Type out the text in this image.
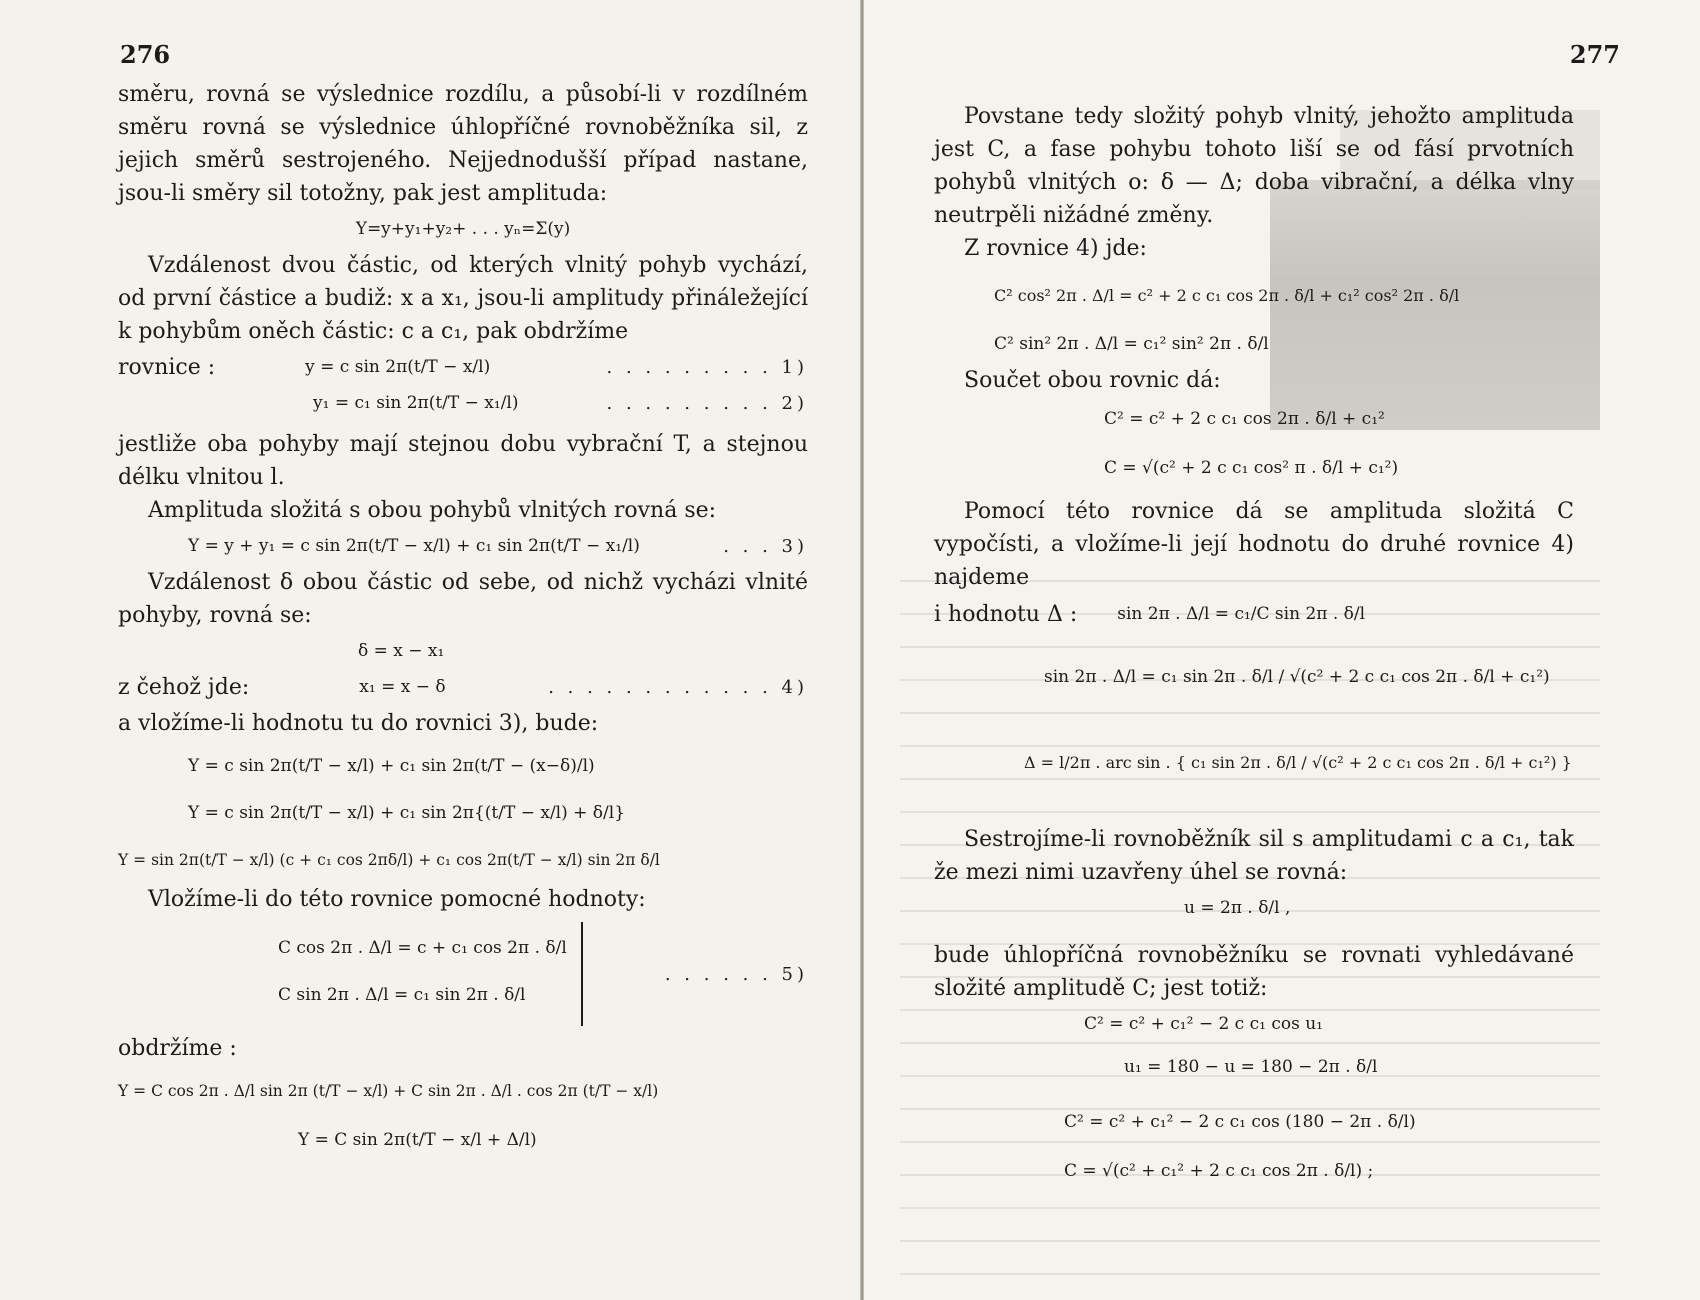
276

směru, rovná se výslednice rozdílu, a působí-li v rozdílném směru rovná se výslednice úhlopříčné rovnoběžníka sil, z jejich směrů sestrojeného. Nejjednodušší případ nastane, jsou-li směry sil totožny, pak jest amplituda:

Y=y+y₁+y₂+ . . . yₙ=Σ(y)

Vzdálenost dvou částic, od kterých vlnitý pohyb vychází, od první částice a budiž: x a x₁, jsou-li amplitudy přináležející k pohybům oněch částic: c a c₁, pak obdržíme

rovnice :	y = c sin 2π(t/T − x/l)	. . . . . . . . . 1)
y₁ = c₁ sin 2π(t/T − x₁/l)	. . . . . . . . . 2)

jestliže oba pohyby mají stejnou dobu vybrační T, a stejnou délku vlnitou l.

Amplituda složitá s obou pohybů vlnitých rovná se:

Y = y + y₁ = c sin 2π(t/T − x/l) + c₁ sin 2π(t/T − x₁/l)	. . . 3)

Vzdálenost δ obou částic od sebe, od nichž vycházi vlnité pohyby, rovná se:

δ = x − x₁
z čehož jde:	x₁ = x − δ	. . . . . . . . . . . . 4)

a vložíme-li hodnotu tu do rovnici 3), bude:

Y = c sin 2π(t/T − x/l) + c₁ sin 2π(t/T − (x−δ)/l)
Y = c sin 2π(t/T − x/l) + c₁ sin 2π{(t/T − x/l) + δ/l}
Y = sin 2π(t/T − x/l) (c + c₁ cos 2πδ/l) + c₁ cos 2π(t/T − x/l) sin 2π δ/l

Vložíme-li do této rovnice pomocné hodnoty:

C cos 2π . Δ/l = c + c₁ cos 2π . δ/l
C sin 2π . Δ/l = c₁ sin 2π . δ/l
. . . . . . 5)

obdržíme :

Y = C cos 2π . Δ/l sin 2π (t/T − x/l) + C sin 2π . Δ/l . cos 2π (t/T − x/l)
Y = C sin 2π(t/T − x/l + Δ/l)
277

Povstane tedy složitý pohyb vlnitý, jehožto amplituda jest C, a fase pohybu tohoto liší se od fásí prvotních pohybů vlnitých o: δ — Δ; doba vibrační, a délka vlny neutrpěli nižádné změny.

Z rovnice 4) jde:

C² cos² 2π . Δ/l = c² + 2 c c₁ cos 2π . δ/l + c₁² cos² 2π . δ/l
C² sin² 2π . Δ/l = c₁² sin² 2π . δ/l

Součet obou rovnic dá:

C² = c² + 2 c c₁ cos 2π . δ/l + c₁²
C = √(c² + 2 c c₁ cos² π . δ/l + c₁²)

Pomocí této rovnice dá se amplituda složitá C vypočísti, a vložíme-li její hodnotu do druhé rovnice 4) najdeme

i hodnotu Δ : sin 2π . Δ/l = c₁/C sin 2π . δ/l
sin 2π . Δ/l = c₁ sin 2π . δ/l ∕ √(c² + 2 c c₁ cos 2π . δ/l + c₁²)
Δ = l/2π . arc sin . { c₁ sin 2π . δ/l ∕ √(c² + 2 c c₁ cos 2π . δ/l + c₁²) }

Sestrojíme-li rovnoběžník sil s amplitudami c a c₁, tak že mezi nimi uzavřeny úhel se rovná:

u = 2π . δ/l ,

bude úhlopříčná rovnoběžníku se rovnati vyhledávané složité amplitudě C; jest totiž:

C² = c² + c₁² − 2 c c₁ cos u₁
u₁ = 180 − u = 180 − 2π . δ/l
C² = c² + c₁² − 2 c c₁ cos (180 − 2π . δ/l)
C = √(c² + c₁² + 2 c c₁ cos 2π . δ/l) ;
